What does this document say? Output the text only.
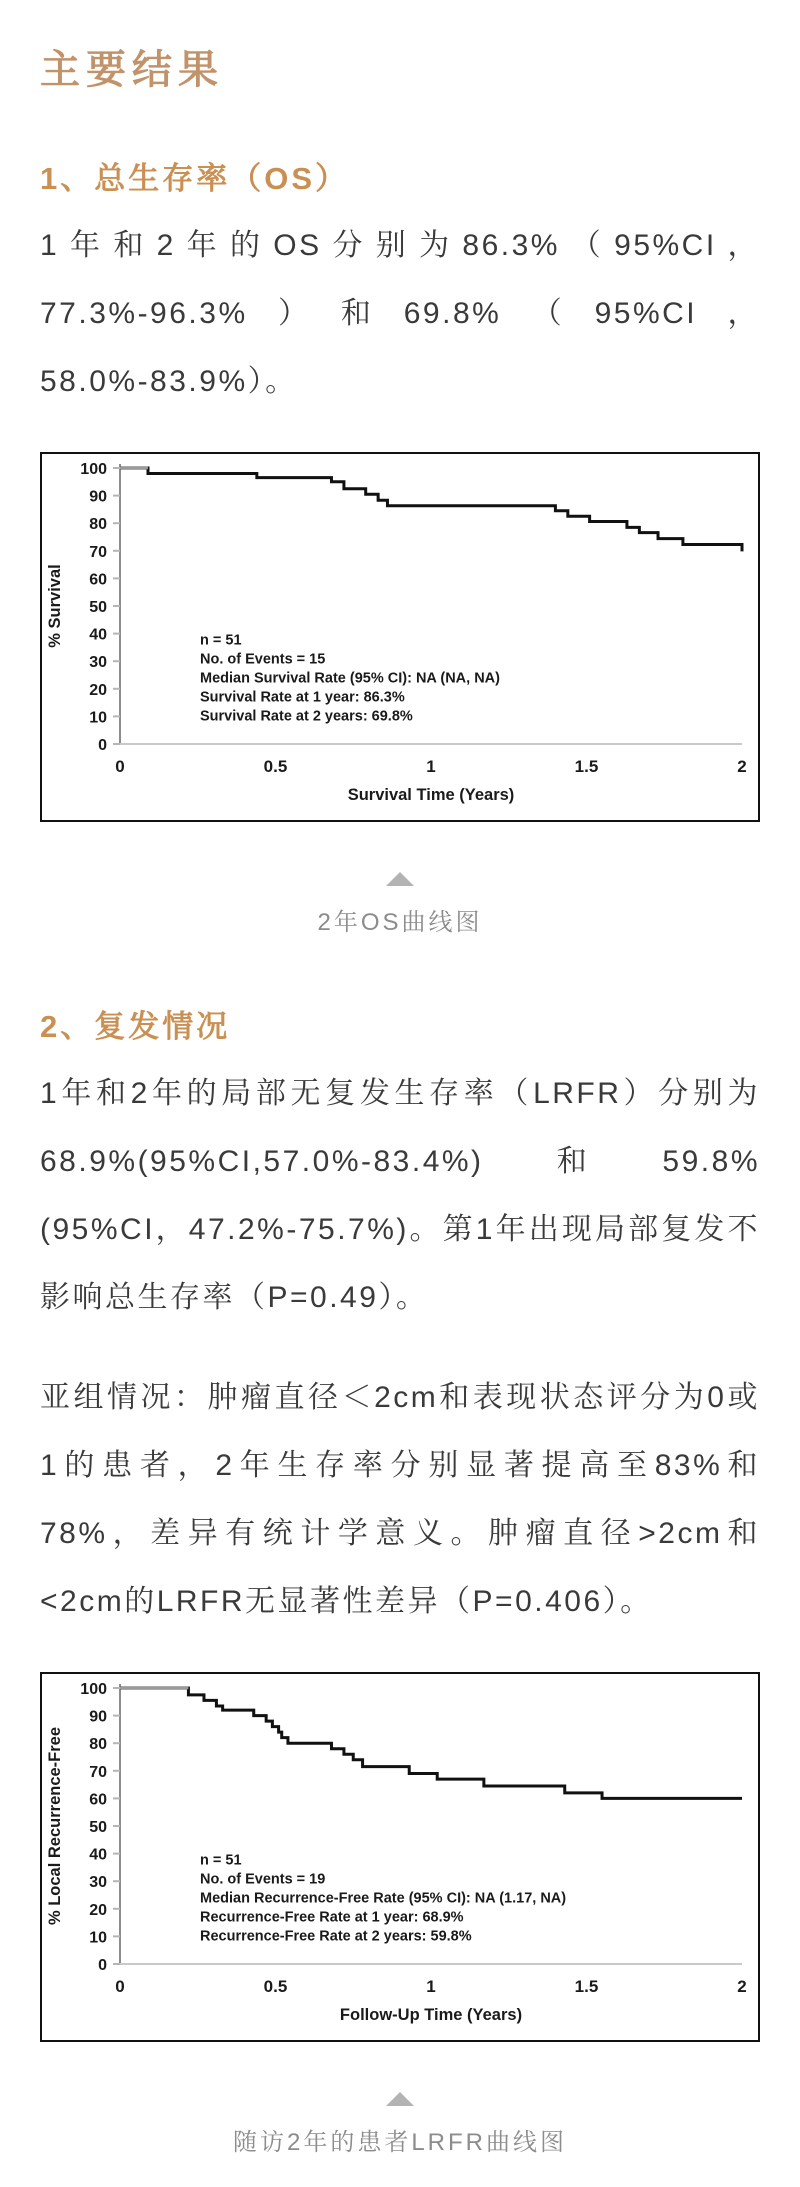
主要结果
1、总生存率（OS）

1年和2年的OS分别为86.3%（95%CI，77.3%-96.3%）和69.8%（95%CI，58.0%-83.9%）。

100
90
80
70
60
50
40
30
20
10
0
0	0.5	1	1.5	2
Survival Time (Years)
% Survival	n = 51
No. of Events = 15
Median Survival Rate (95% CI): NA (NA, NA)
Survival Rate at 1 year: 86.3%
Survival Rate at 2 years: 69.8%
2年OS曲线图
2、复发情况

1年和2年的局部无复发生存率（LRFR）分别为68.9%(95%CI,57.0%-83.4%)和59.8%(95%CI，47.2%-75.7%)。第1年出现局部复发不影响总生存率（P=0.49）。

亚组情况：肿瘤直径＜2cm和表现状态评分为0或1的患者，2年生存率分别显著提高至83%和78%，差异有统计学意义。肿瘤直径>2cm和<2cm的LRFR无显著性差异（P=0.406）。

100
90
80
70
60
50
40
30
20
10
0
0	0.5	1	1.5	2
Follow-Up Time (Years)
% Local Recurrence-Free	n = 51
No. of Events = 19
Median Recurrence-Free Rate (95% CI): NA (1.17, NA)
Recurrence-Free Rate at 1 year: 68.9%
Recurrence-Free Rate at 2 years: 59.8%
随访2年的患者LRFR曲线图
